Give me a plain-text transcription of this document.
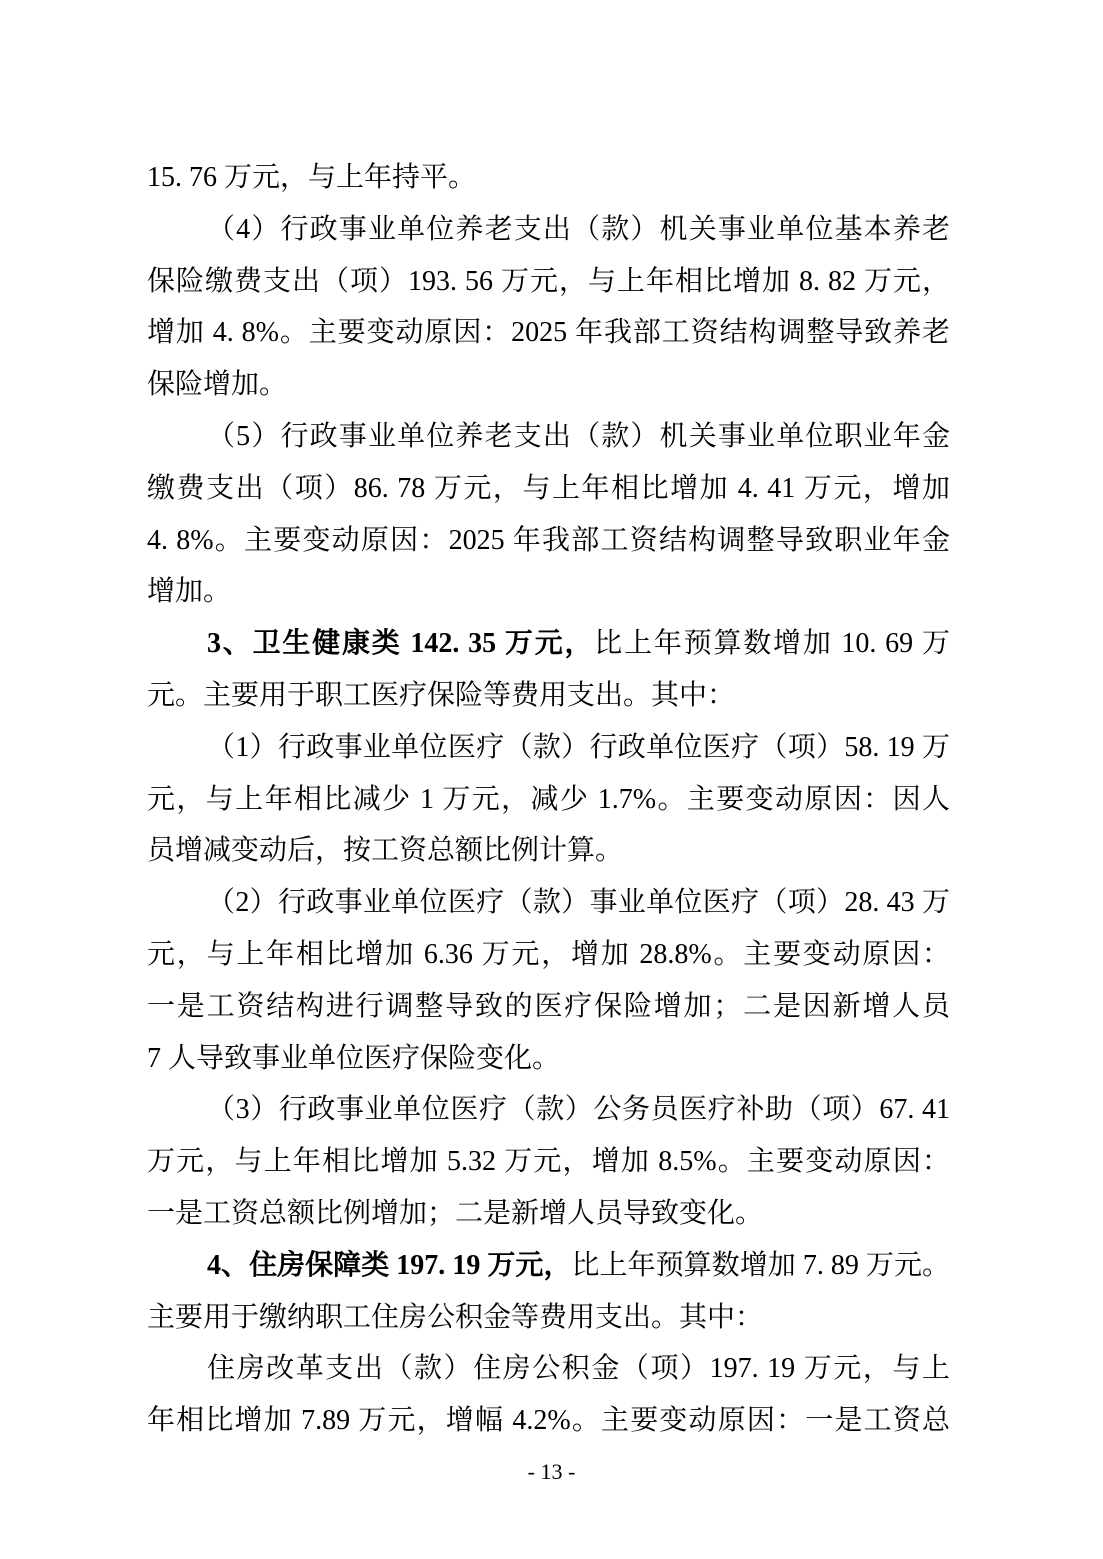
15. 76 万元，与上年持平。
（4）行政事业单位养老支出（款）机关事业单位基本养老
保险缴费支出（项）193. 56 万元，与上年相比增加 8. 82 万元，
增加 4. 8%。主要变动原因：2025 年我部工资结构调整导致养老
保险增加。
（5）行政事业单位养老支出（款）机关事业单位职业年金
缴费支出（项）86. 78 万元，与上年相比增加 4. 41 万元，增加
4. 8%。主要变动原因：2025 年我部工资结构调整导致职业年金
增加。
3、卫生健康类 142. 35 万元，比上年预算数增加 10. 69 万
元。主要用于职工医疗保险等费用支出。其中：
（1）行政事业单位医疗（款）行政单位医疗（项）58. 19 万
元，与上年相比减少 1 万元，减少 1.7%。主要变动原因：因人
员增减变动后，按工资总额比例计算。
（2）行政事业单位医疗（款）事业单位医疗（项）28. 43 万
元，与上年相比增加 6.36 万元，增加 28.8%。主要变动原因：
一是工资结构进行调整导致的医疗保险增加；二是因新增人员
7 人导致事业单位医疗保险变化。
（3）行政事业单位医疗（款）公务员医疗补助（项）67. 41
万元，与上年相比增加 5.32 万元，增加 8.5%。主要变动原因：
一是工资总额比例增加；二是新增人员导致变化。
4、住房保障类 197. 19 万元，比上年预算数增加 7. 89 万元。
主要用于缴纳职工住房公积金等费用支出。其中：
住房改革支出（款）住房公积金（项）197. 19 万元，与上
年相比增加 7.89 万元，增幅 4.2%。主要变动原因：一是工资总
- 13 -
